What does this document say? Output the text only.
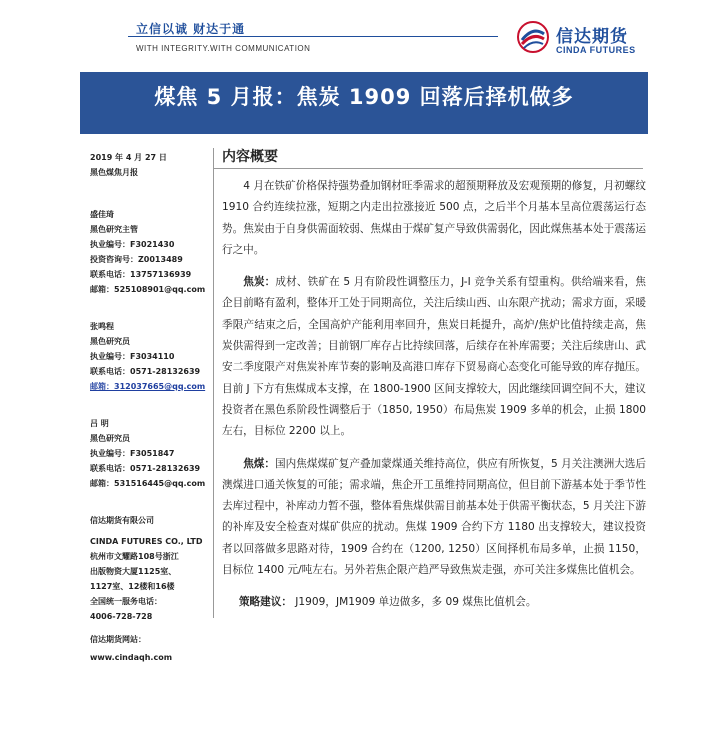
立信以诚 财达于通
WITH INTEGRITY.WITH COMMUNICATION
信达期货
CINDA FUTURES
煤焦 5 月报：焦炭 1909 回落后择机做多
2019 年 4 月 27 日
黑色煤焦月报
盛佳琦
黑色研究主管
执业编号：F3021430
投资咨询号：Z0013489
联系电话：13757136939
邮箱：525108901@qq.com
张鸣程
黑色研究员
执业编号：F3034110
联系电话：0571-28132639
邮箱：312037665@qq.com
吕 明
黑色研究员
执业编号：F3051847
联系电话：0571-28132639
邮箱：531516445@qq.com
信达期货有限公司
CINDA FUTURES CO., LTD
杭州市文耀路108号浙江
出版物资大厦1125室、
1127室、12楼和16楼
全国统一服务电话：
4006-728-728
信达期货网站：
www.cindaqh.com
内容概要

4 月在铁矿价格保持强势叠加钢材旺季需求的超预期释放及宏观预期的修复，月初螺纹 1910 合约连续拉涨，短期之内走出拉涨接近 500 点，之后半个月基本呈高位震荡运行态势。焦炭由于自身供需面较弱、焦煤由于煤矿复产导致供需弱化，因此煤焦基本处于震荡运行之中。

焦炭：成材、铁矿在 5 月有阶段性调整压力，J-I 竞争关系有望重构。供给端来看，焦企目前略有盈利，整体开工处于同期高位，关注后续山西、山东限产扰动；需求方面，采暖季限产结束之后，全国高炉产能利用率回升，焦炭日耗提升，高炉/焦炉比值持续走高，焦炭供需得到一定改善；目前钢厂库存占比持续回落，后续存在补库需要；关注后续唐山、武安二季度限产对焦炭补库节奏的影响及高港口库存下贸易商心态变化可能导致的库存抛压。目前 J 下方有焦煤成本支撑，在 1800-1900 区间支撑较大，因此继续回调空间不大，建议投资者在黑色系阶段性调整后于（1850, 1950）布局焦炭 1909 多单的机会，止损 1800 左右，目标位 2200 以上。

焦煤：国内焦煤煤矿复产叠加蒙煤通关维持高位，供应有所恢复，5 月关注澳洲大选后澳煤进口通关恢复的可能；需求端，焦企开工虽维持同期高位，但目前下游基本处于季节性去库过程中，补库动力暂不强，整体看焦煤供需目前基本处于供需平衡状态，5 月关注下游的补库及安全检查对煤矿供应的扰动。焦煤 1909 合约下方 1180 出支撑较大，建议投资者以回落做多思路对待，1909 合约在（1200, 1250）区间择机布局多单，止损 1150，目标位 1400 元/吨左右。另外若焦企限产趋严导致焦炭走强，亦可关注多煤焦比值机会。

策略建议： J1909，JM1909 单边做多，多 09 煤焦比值机会。
